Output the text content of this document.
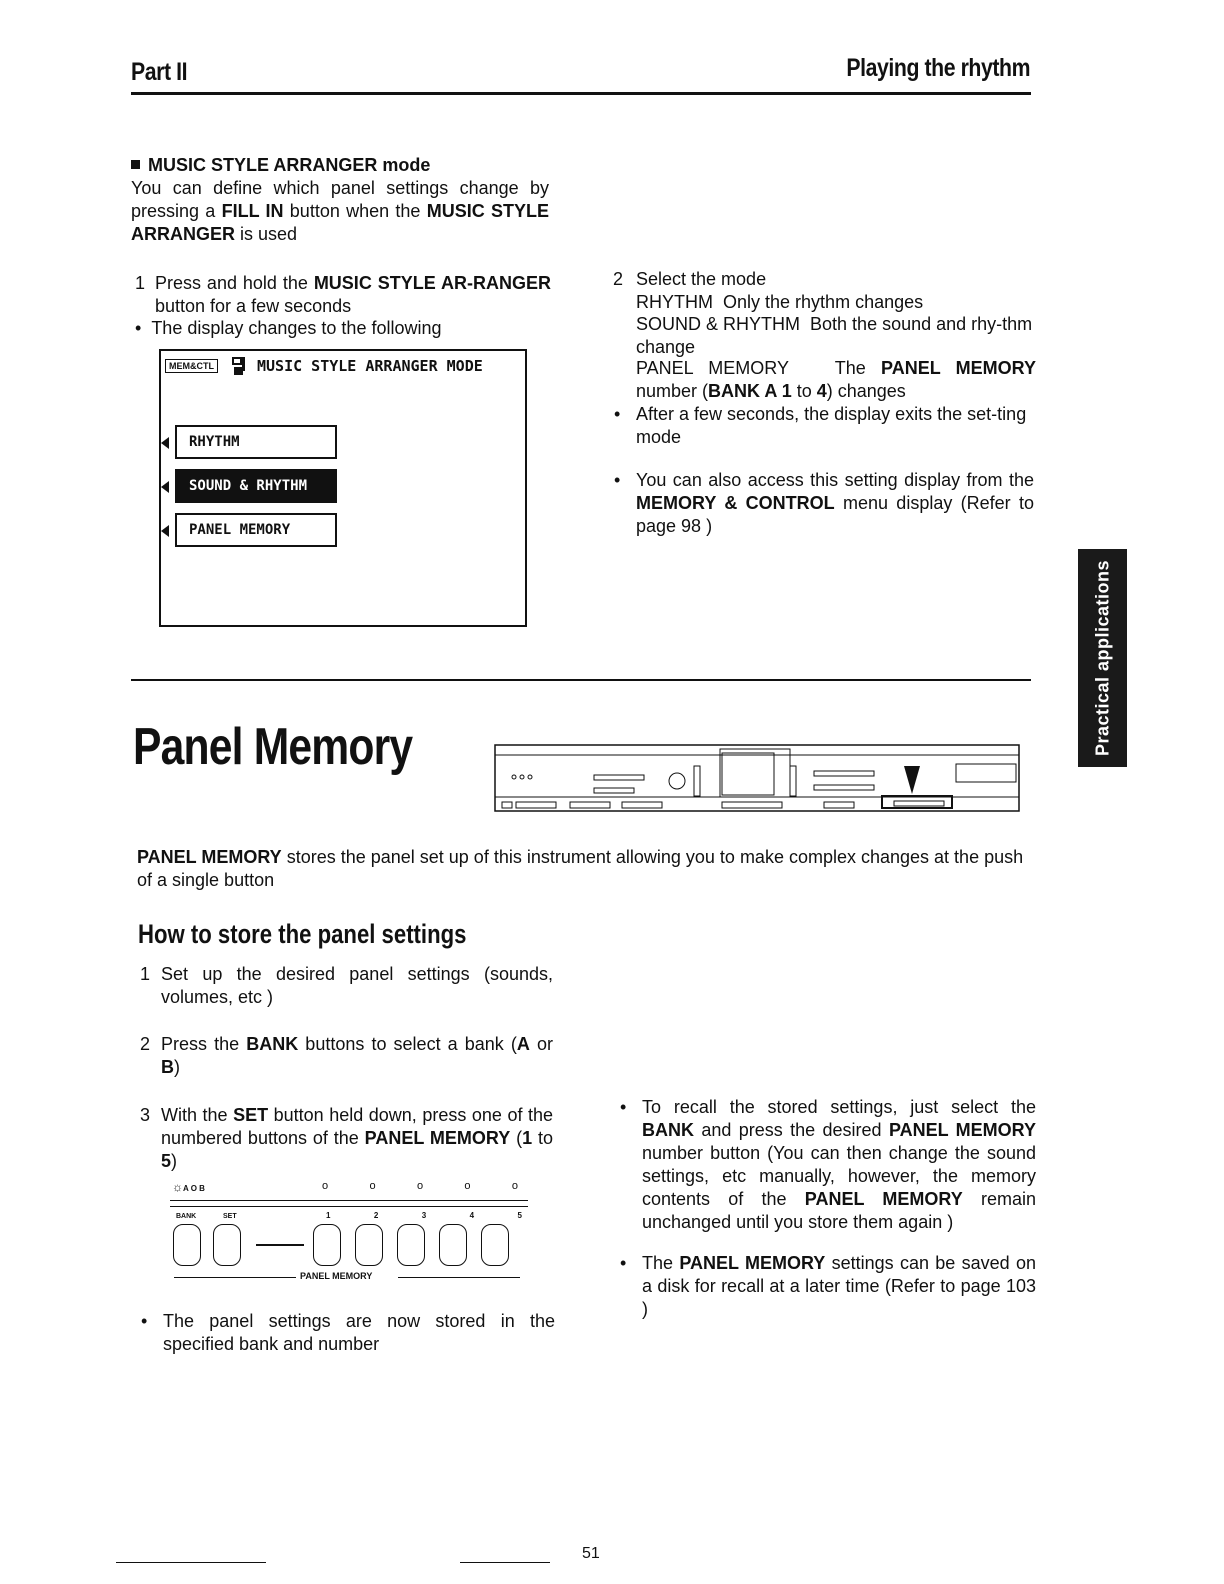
Part II	Playing the rhythm
MUSIC STYLE ARRANGER mode
You can define which panel settings change by pressing a FILL IN button when the MUSIC STYLE ARRANGER is used
1 Press and hold the MUSIC STYLE AR-RANGER button for a few seconds
• The display changes to the following
MEM&CTL	MUSIC STYLE ARRANGER MODE
RHYTHM
SOUND & RHYTHM
PANEL MEMORY
2 Select the mode
RHYTHM Only the rhythm changes
SOUND & RHYTHM Both the sound and rhy-thm change
PANEL MEMORY	The PANEL MEMORY number (BANK A 1 to 4) changes
• After a few seconds, the display exits the set-ting mode
• You can also access this setting display from the MEMORY & CONTROL menu display (Refer to page 98 )
Panel Memory
PANEL MEMORY stores the panel set up of this instrument allowing you to make complex changes at the push of a single button
How to store the panel settings
1 Set up the desired panel settings (sounds, volumes, etc )
2 Press the BANK buttons to select a bank (A or B)
3 With the SET button held down, press one of the numbered buttons of the PANEL MEMORY (1 to 5)
☼A O B	o	o	o	o	o
BANK	SET	1	2	3	4	5
PANEL MEMORY
• The panel settings are now stored in the specified bank and number
• To recall the stored settings, just select the BANK and press the desired PANEL MEMORY number button (You can then change the sound settings, etc manually, however, the memory contents of the PANEL MEMORY remain unchanged until you store them again )
• The PANEL MEMORY settings can be saved on a disk for recall at a later time (Refer to page 103 )
Practical applications
51
